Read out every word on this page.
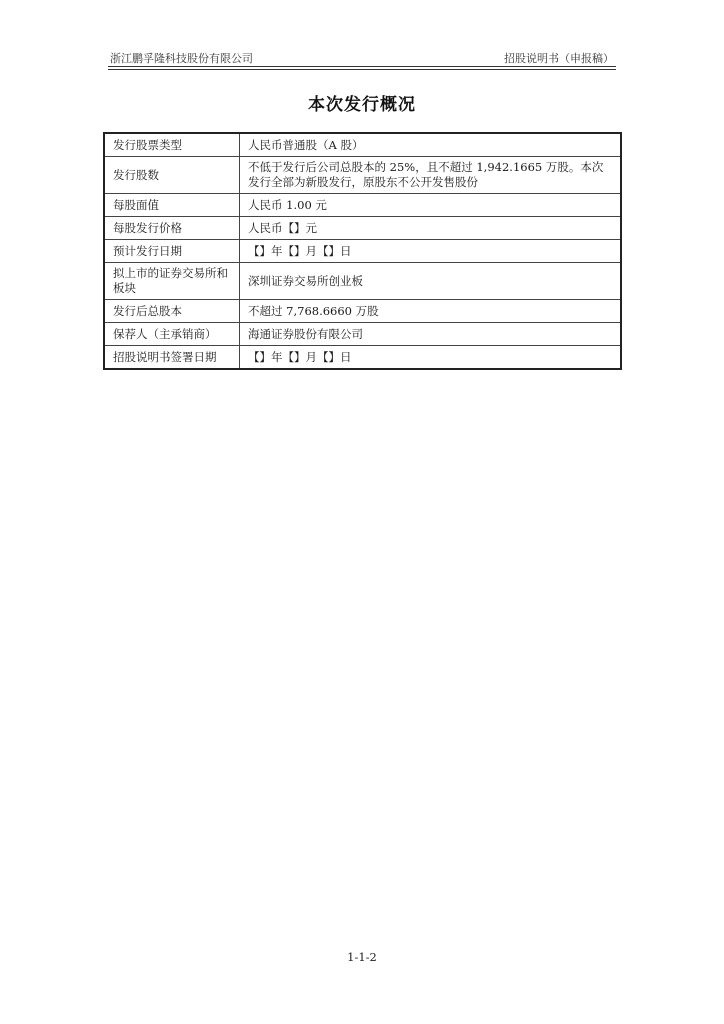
浙江鹏孚隆科技股份有限公司	招股说明书（申报稿）
本次发行概况
发行股票类型	人民币普通股（A 股）
发行股数	不低于发行后公司总股本的 25%，且不超过 1,942.1665 万股。本次发行全部为新股发行，原股东不公开发售股份
每股面值	人民币 1.00 元
每股发行价格	人民币【】元
预计发行日期	【】年【】月【】日
拟上市的证券交易所和板块	深圳证券交易所创业板
发行后总股本	不超过 7,768.6660 万股
保荐人（主承销商）	海通证券股份有限公司
招股说明书签署日期	【】年【】月【】日
1-1-2
